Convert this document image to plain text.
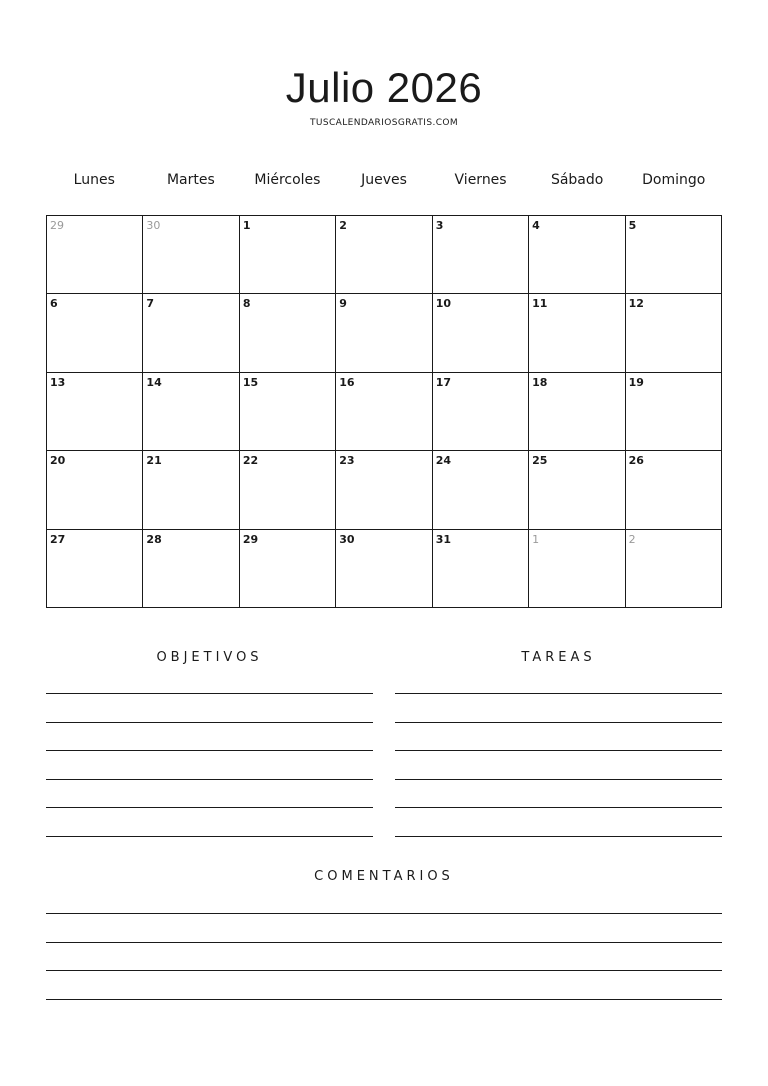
Julio 2026
TUSCALENDARIOSGRATIS.COM
Lunes	Martes	Miércoles	Jueves	Viernes	Sábado	Domingo
29	30	1	2	3	4	5
6	7	8	9	10	11	12
13	14	15	16	17	18	19
20	21	22	23	24	25	26
27	28	29	30	31	1	2
OBJETIVOS	TAREAS
COMENTARIOS
